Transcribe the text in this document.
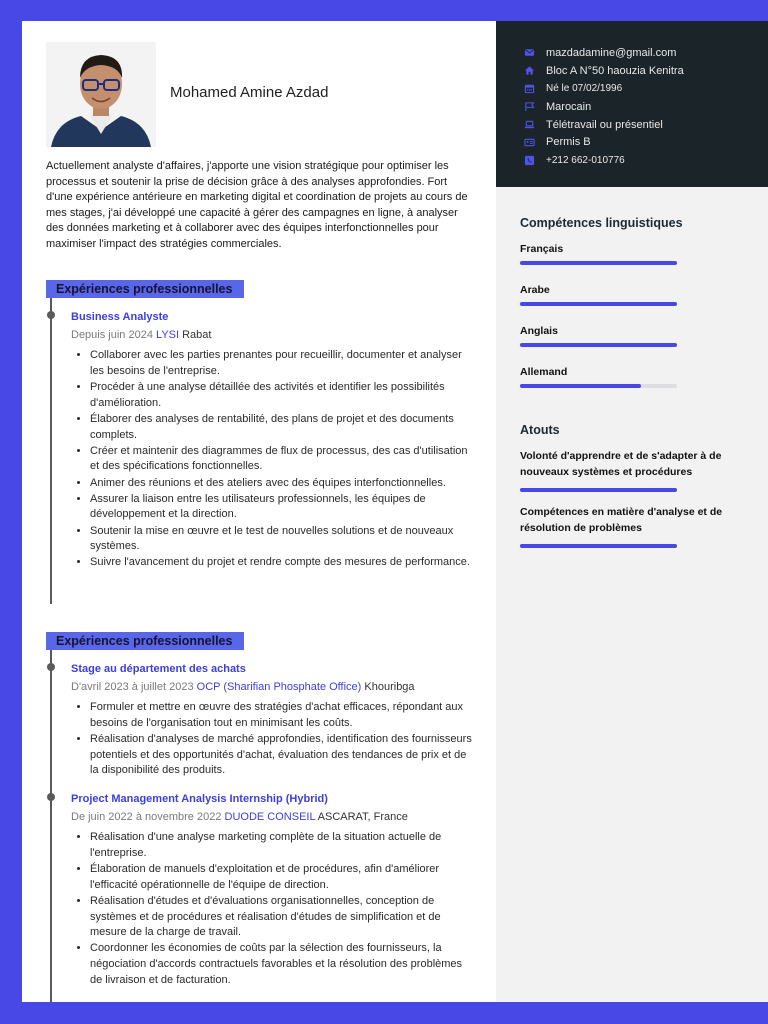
Mohamed Amine Azdad
Actuellement analyste d'affaires, j'apporte une vision stratégique pour optimiser les processus et soutenir la prise de décision grâce à des analyses approfondies. Fort d'une expérience antérieure en marketing digital et coordination de projets au cours de mes stages, j'ai développé une capacité à gérer des campagnes en ligne, à analyser des données marketing et à collaborer avec des équipes interfonctionnelles pour maximiser l'impact des stratégies commerciales.
Expériences professionnelles
Business Analyste
Depuis juin 2024 LYSI Rabat
• Collaborer avec les parties prenantes pour recueillir, documenter et analyser les besoins de l'entreprise.
• Procéder à une analyse détaillée des activités et identifier les possibilités d'amélioration.
• Élaborer des analyses de rentabilité, des plans de projet et des documents complets.
• Créer et maintenir des diagrammes de flux de processus, des cas d'utilisation et des spécifications fonctionnelles.
• Animer des réunions et des ateliers avec des équipes interfonctionnelles.
• Assurer la liaison entre les utilisateurs professionnels, les équipes de développement et la direction.
• Soutenir la mise en œuvre et le test de nouvelles solutions et de nouveaux systèmes.
• Suivre l'avancement du projet et rendre compte des mesures de performance.
Expériences professionnelles
Stage au département des achats
D'avril 2023 à juillet 2023 OCP (Sharifian Phosphate Office) Khouribga
• Formuler et mettre en œuvre des stratégies d'achat efficaces, répondant aux besoins de l'organisation tout en minimisant les coûts.
• Réalisation d'analyses de marché approfondies, identification des fournisseurs potentiels et des opportunités d'achat, évaluation des tendances de prix et de la disponibilité des produits.
Project Management Analysis Internship (Hybrid)
De juin 2022 à novembre 2022 DUODE CONSEIL ASCARAT, France
• Réalisation d'une analyse marketing complète de la situation actuelle de l'entreprise.
• Élaboration de manuels d'exploitation et de procédures, afin d'améliorer l'efficacité opérationnelle de l'équipe de direction.
• Réalisation d'études et d'évaluations organisationnelles, conception de systèmes et de procédures et réalisation d'études de simplification et de mesure de la charge de travail.
• Coordonner les économies de coûts par la sélection des fournisseurs, la négociation d'accords contractuels favorables et la résolution des problèmes de livraison et de facturation.
mazdadamine@gmail.com
Bloc A N°50 haouzia Kenitra
Né le 07/02/1996
Marocain
Télétravail ou présentiel
Permis B
+212 662-010776
Compétences linguistiques
Français
Arabe
Anglais
Allemand
Atouts
Volonté d'apprendre et de s'adapter à de nouveaux systèmes et procédures
Compétences en matière d'analyse et de résolution de problèmes
